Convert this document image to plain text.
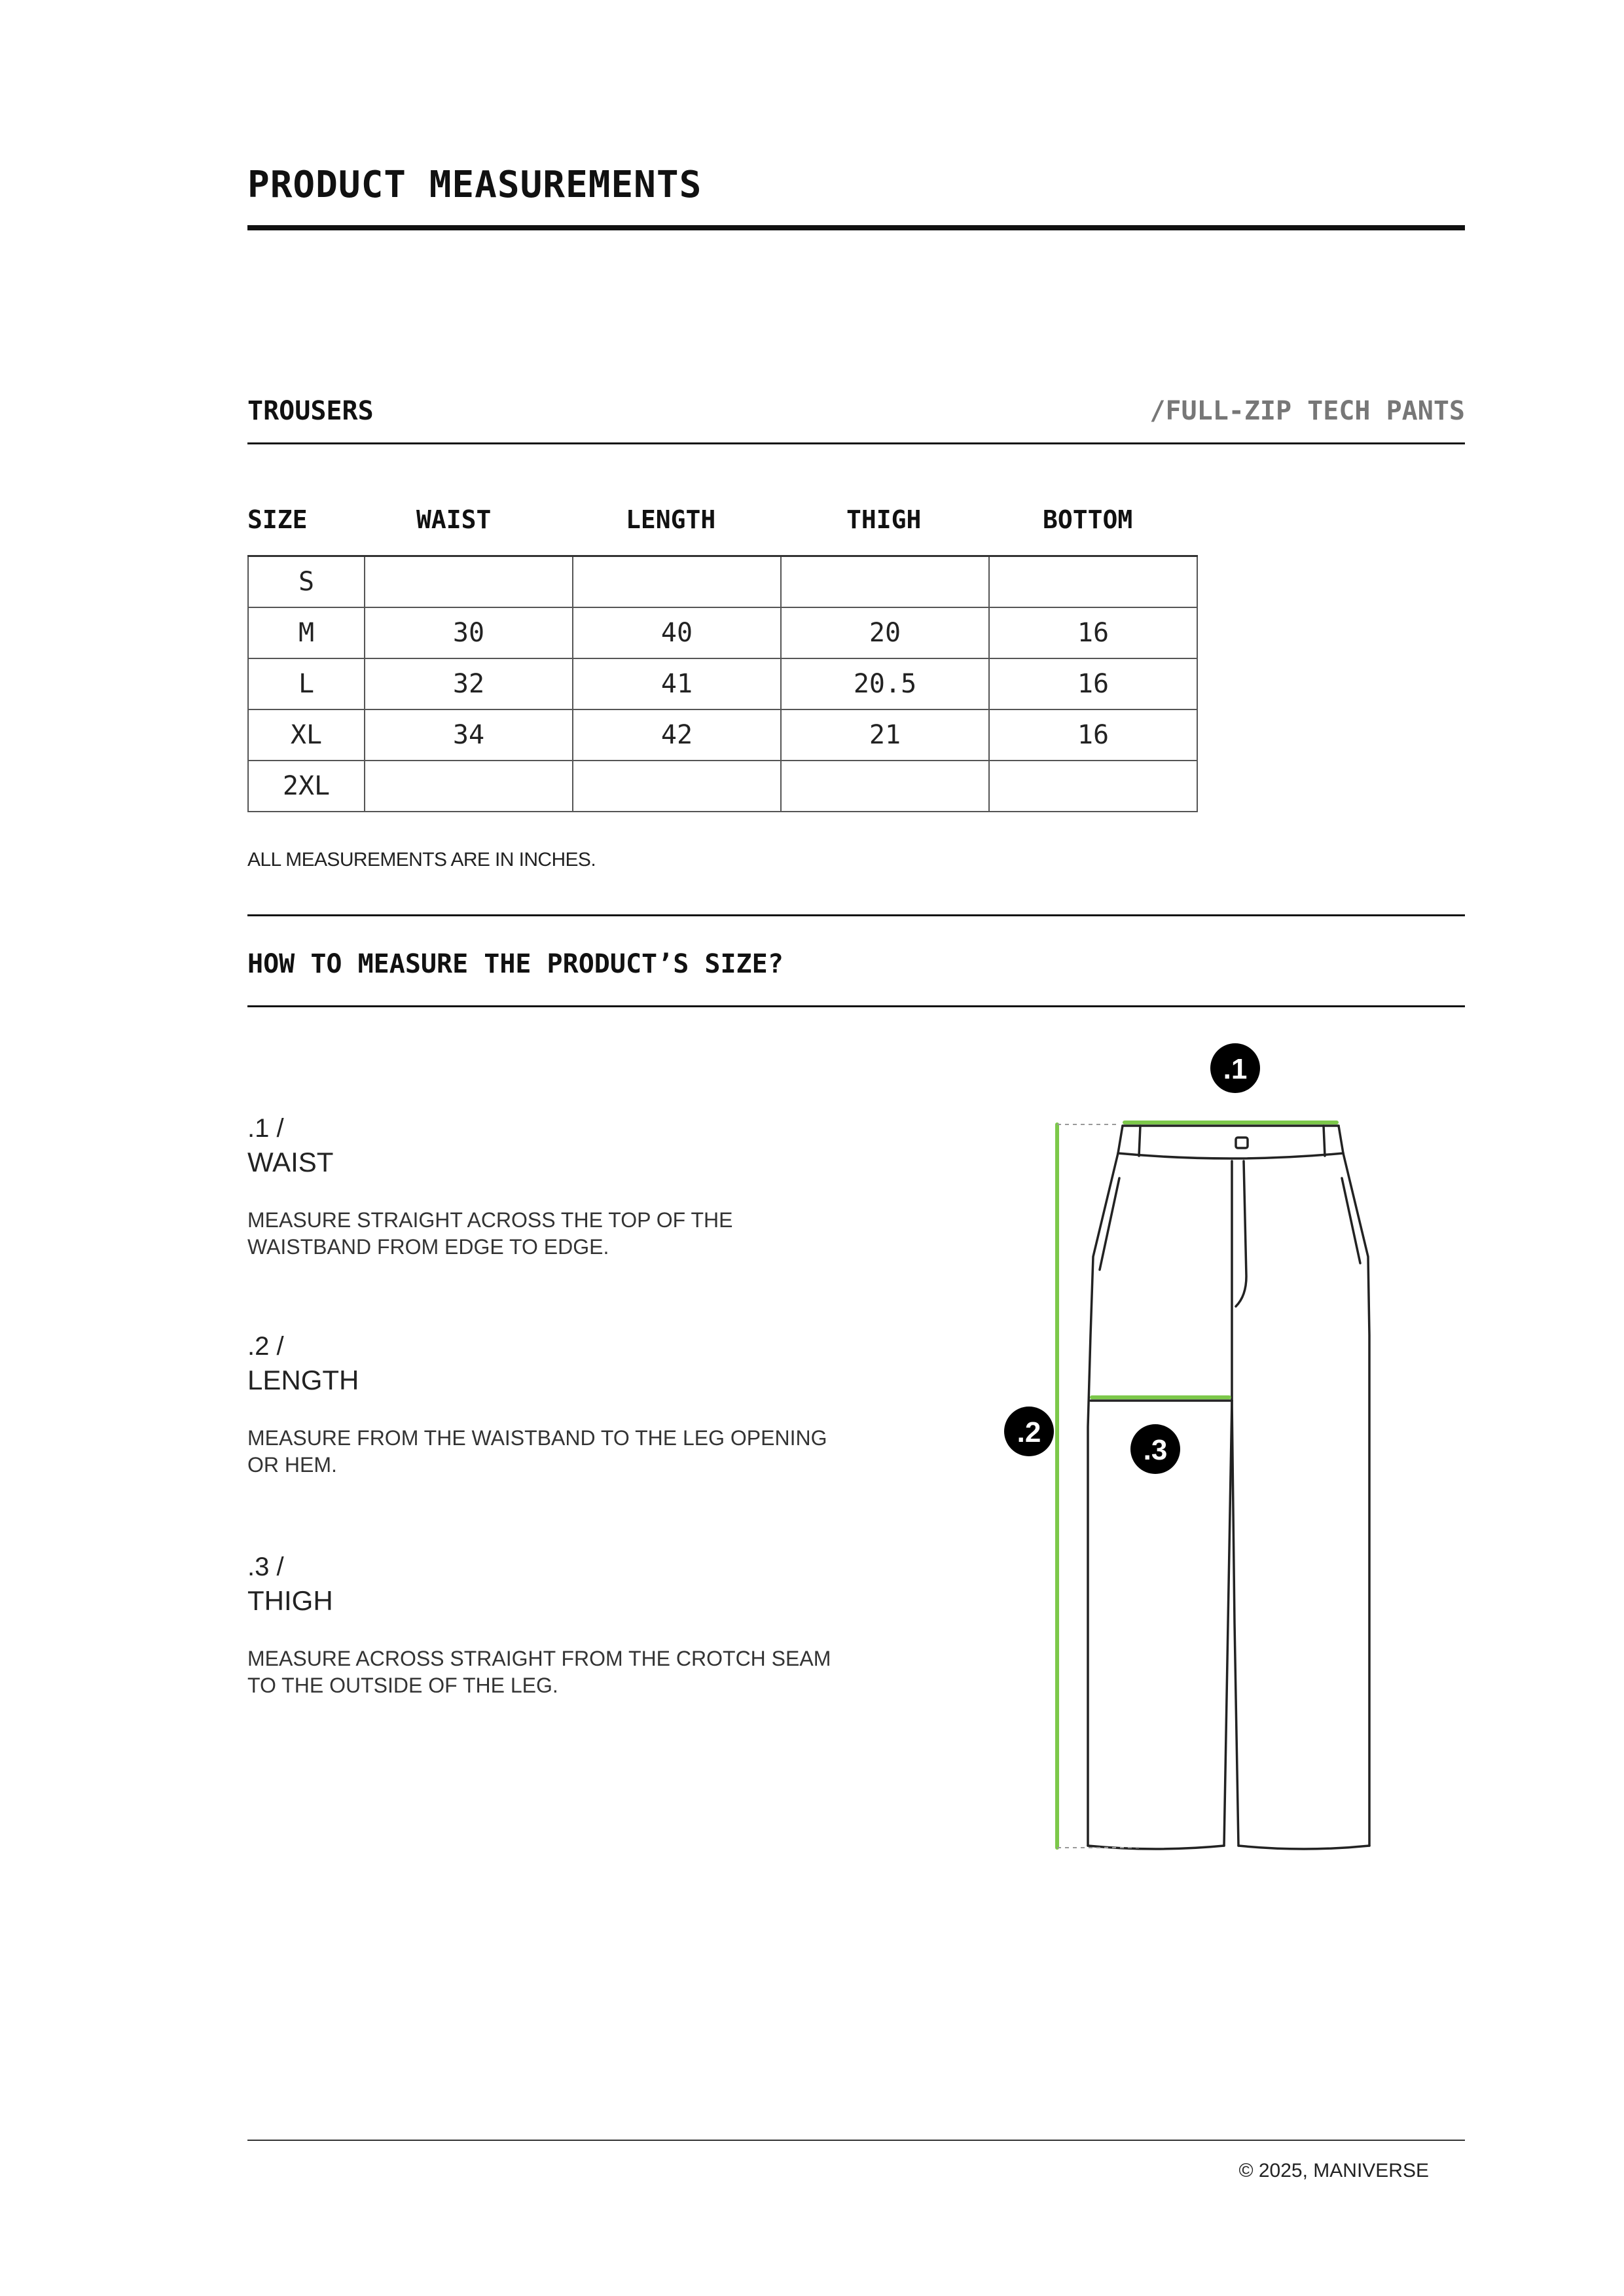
PRODUCT MEASUREMENTS
TROUSERS	/FULL-ZIP TECH PANTS
SIZE	WAIST	LENGTH	THIGH	BOTTOM
S				
M	30	40	20	16
L	32	41	20.5	16
XL	34	42	21	16
2XL				
ALL MEASUREMENTS ARE IN INCHES.
HOW TO MEASURE THE PRODUCT’S SIZE?
.1 /
WAIST
MEASURE STRAIGHT ACROSS THE TOP OF THE WAISTBAND FROM EDGE TO EDGE.
.2 /
LENGTH
MEASURE FROM THE WAISTBAND TO THE LEG OPENING OR HEM.
.3 /
THIGH
MEASURE ACROSS STRAIGHT FROM THE CROTCH SEAM TO THE OUTSIDE OF THE LEG.
.1
.2
.3
© 2025, MANIVERSE
